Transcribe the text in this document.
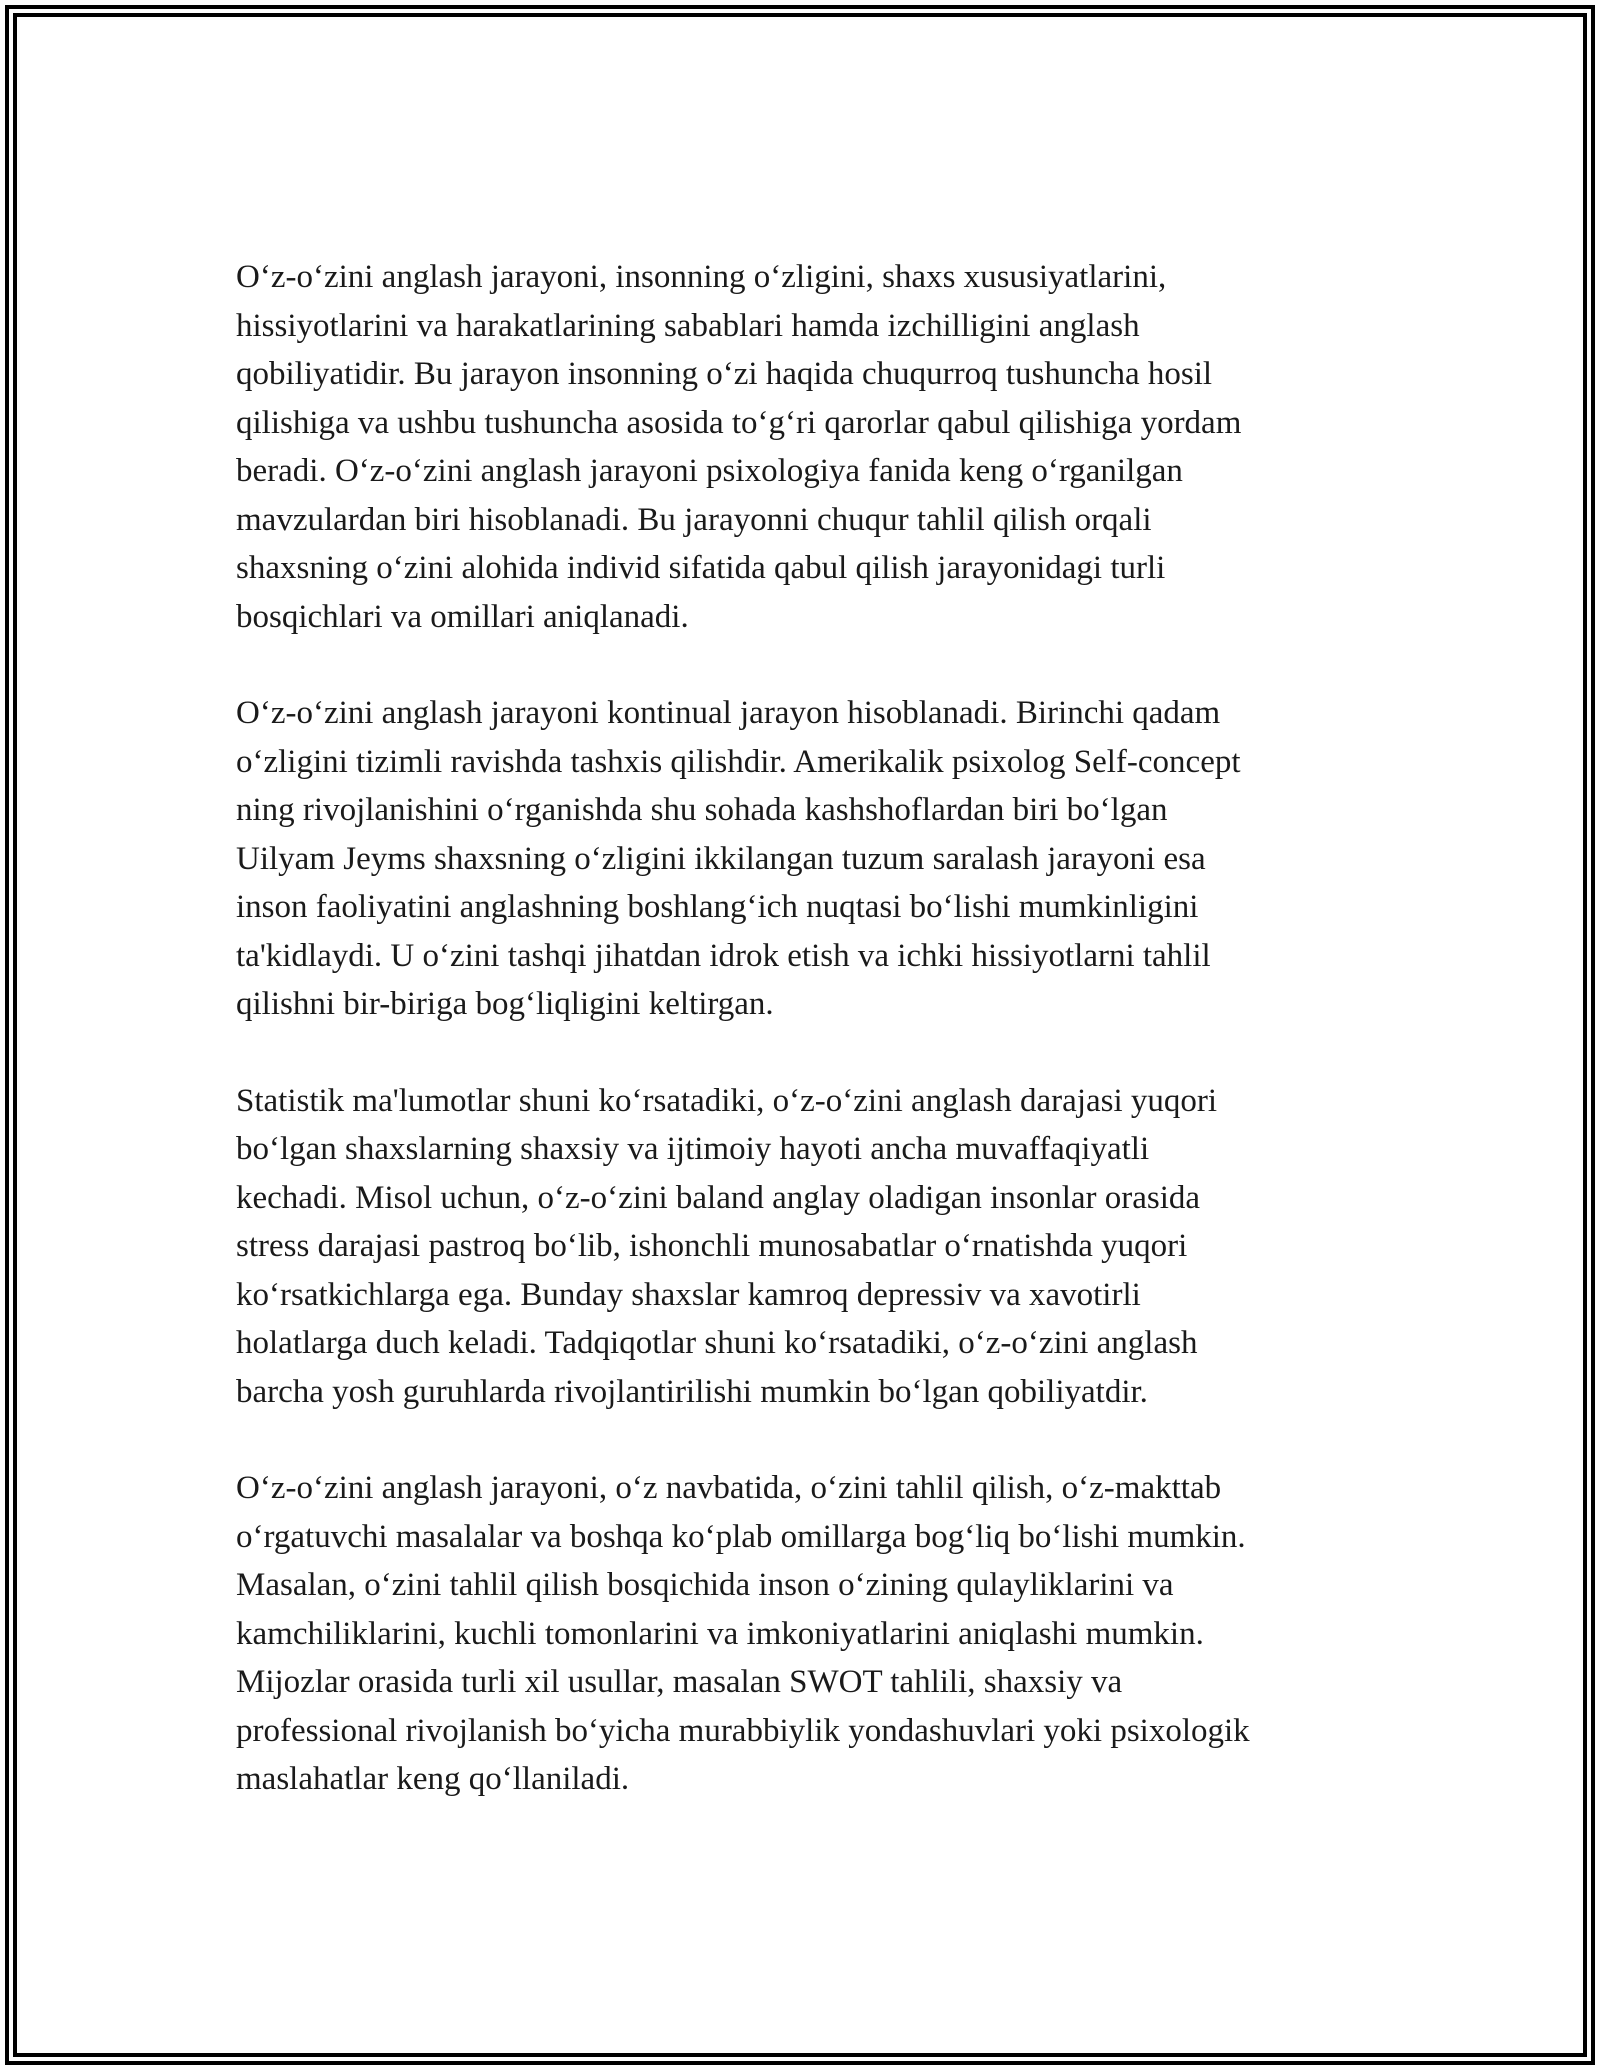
O‘z-o‘zini anglash jarayoni, insonning o‘zligini, shaxs xususiyatlarini,
hissiyotlarini va harakatlarining sabablari hamda izchilligini anglash
qobiliyatidir. Bu jarayon insonning o‘zi haqida chuqurroq tushuncha hosil
qilishiga va ushbu tushuncha asosida to‘g‘ri qarorlar qabul qilishiga yordam
beradi. O‘z-o‘zini anglash jarayoni psixologiya fanida keng o‘rganilgan
mavzulardan biri hisoblanadi. Bu jarayonni chuqur tahlil qilish orqali
shaxsning o‘zini alohida individ sifatida qabul qilish jarayonidagi turli
bosqichlari va omillari aniqlanadi.

O‘z-o‘zini anglash jarayoni kontinual jarayon hisoblanadi. Birinchi qadam
o‘zligini tizimli ravishda tashxis qilishdir. Amerikalik psixolog Self-concept
ning rivojlanishini o‘rganishda shu sohada kashshoflardan biri bo‘lgan
Uilyam Jeyms shaxsning o‘zligini ikkilangan tuzum saralash jarayoni esa
inson faoliyatini anglashning boshlang‘ich nuqtasi bo‘lishi mumkinligini
ta'kidlaydi. U o‘zini tashqi jihatdan idrok etish va ichki hissiyotlarni tahlil
qilishni bir-biriga bog‘liqligini keltirgan.

Statistik ma'lumotlar shuni ko‘rsatadiki, o‘z-o‘zini anglash darajasi yuqori
bo‘lgan shaxslarning shaxsiy va ijtimoiy hayoti ancha muvaffaqiyatli
kechadi. Misol uchun, o‘z-o‘zini baland anglay oladigan insonlar orasida
stress darajasi pastroq bo‘lib, ishonchli munosabatlar o‘rnatishda yuqori
ko‘rsatkichlarga ega. Bunday shaxslar kamroq depressiv va xavotirli
holatlarga duch keladi. Tadqiqotlar shuni ko‘rsatadiki, o‘z-o‘zini anglash
barcha yosh guruhlarda rivojlantirilishi mumkin bo‘lgan qobiliyatdir.

O‘z-o‘zini anglash jarayoni, o‘z navbatida, o‘zini tahlil qilish, o‘z-makttab
o‘rgatuvchi masalalar va boshqa ko‘plab omillarga bog‘liq bo‘lishi mumkin.
Masalan, o‘zini tahlil qilish bosqichida inson o‘zining qulayliklarini va
kamchiliklarini, kuchli tomonlarini va imkoniyatlarini aniqlashi mumkin.
Mijozlar orasida turli xil usullar, masalan SWOT tahlili, shaxsiy va
professional rivojlanish bo‘yicha murabbiylik yondashuvlari yoki psixologik
maslahatlar keng qo‘llaniladi.
